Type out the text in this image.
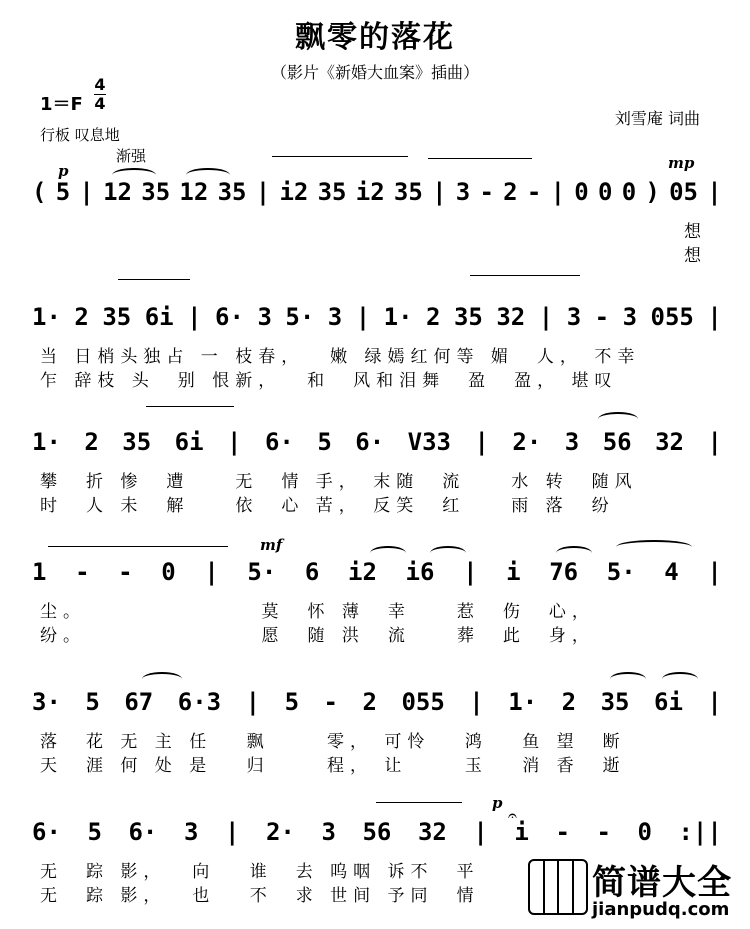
飘零的落花
（影片《新婚大血案》插曲）
1＝F
4
4
刘雪庵 词曲
行板 叹息地
渐强
p	mp
( 5 | 12 35 12 35 | i2 35 i2 35 | 3 - 2 - | 0 0 0 ) 05 |
　　　　　　　　　　　　　　　　　　　　　　　　　　　　想
　　　　　　　　　　　　　　　　　　　　　　　　　　　　想
1· 2 35 6i | 6· 3 5· 3 | 1· 2 35 32 | 3 - 3 055 |
当 日梢头独占 一 枝春，　 嫩 绿嫣红何等 媚　人， 不幸
乍 辞枝 头　别 恨新，　 和　风和泪舞　盈　盈， 堪叹
1· 2 35 6i | 6· 5 6· V33 | 2· 3 56 32 |
攀　折 惨　遭　　无　情 手， 末随　流　　水 转　随风
时　人 未　解　　依　心 苦， 反笑　红　　雨 落　纷
mf
1 - - 0 | 5· 6 i2 i6 | i 76 5· 4 |
尘。　　　　　　　　莫　怀 薄　幸　　惹　伤　心，
纷。　　　　　　　　愿　随 洪　流　　葬　此　身，
3· 5 67 6·3 | 5 - 2 055 | 1· 2 35 6i |
落　花 无 主 任　 飘　　 零， 可怜　 鸿　 鱼 望　断
天　涯 何 处 是　 归　　 程， 让　　 玉　 消 香　逝
p
𝄐
6· 5 6· 3 | 2· 3 56 32 | i - - 0 :||
无　踪 影，　 向　 谁　去 呜咽 诉不　平
无　踪 影，　 也　 不　求 世间 予同　情	简谱大全
jianpudq.com
